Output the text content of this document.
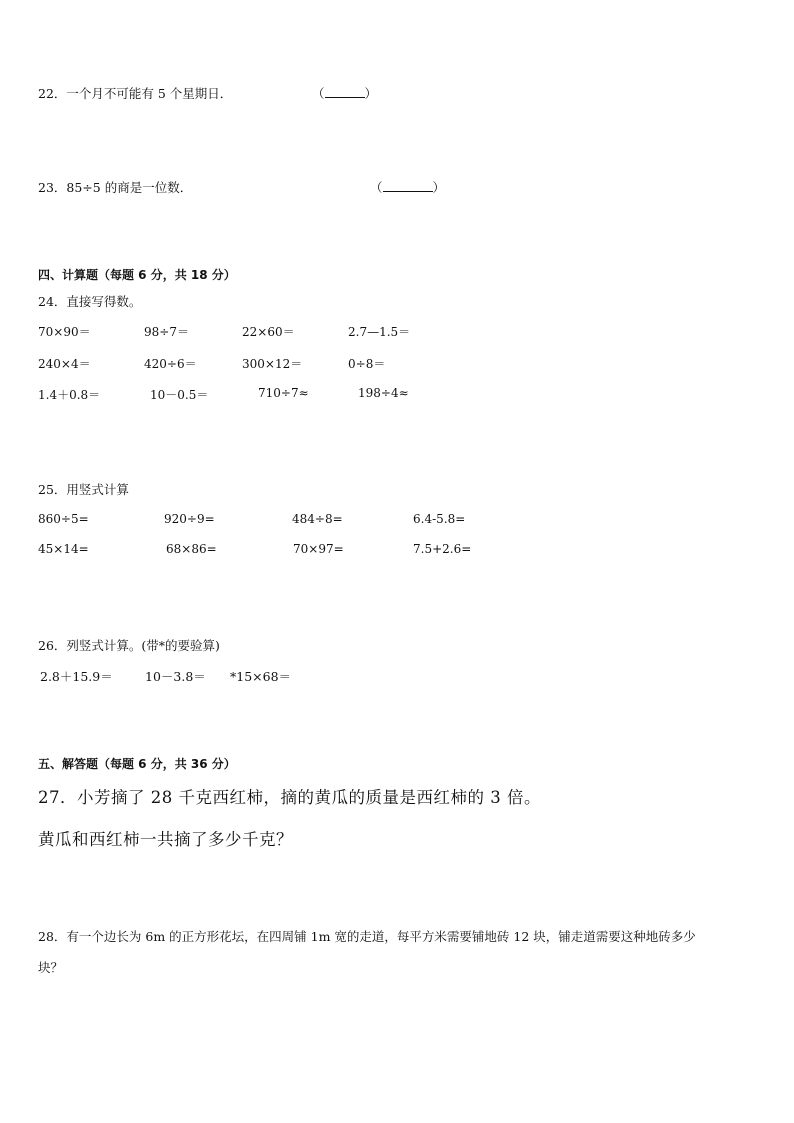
22．一个月不可能有 5 个星期日．	（	）
23．85÷5 的商是一位数．	（	）
四、计算题（每题 6 分，共 18 分）
24．直接写得数。
70×90＝	98÷7＝	22×60＝	2.7—1.5＝
240×4＝	420÷6＝	300×12＝	0÷8＝
1.4＋0.8＝	10－0.5＝	710÷7≈	198÷4≈
25．用竖式计算
860÷5=	920÷9=	484÷8=	6.4-5.8=
45×14=	68×86=	70×97=	7.5+2.6=
26．列竖式计算。(带*的要验算)
2.8＋15.9＝	10－3.8＝ *15×68＝
五、解答题（每题 6 分，共 36 分）
27．小芳摘了 28 千克西红柿，摘的黄瓜的质量是西红柿的 3 倍。
黄瓜和西红柿一共摘了多少千克？
28．有一个边长为 6m 的正方形花坛，在四周铺 1m 宽的走道，每平方米需要铺地砖 12 块，铺走道需要这种地砖多少
块？
